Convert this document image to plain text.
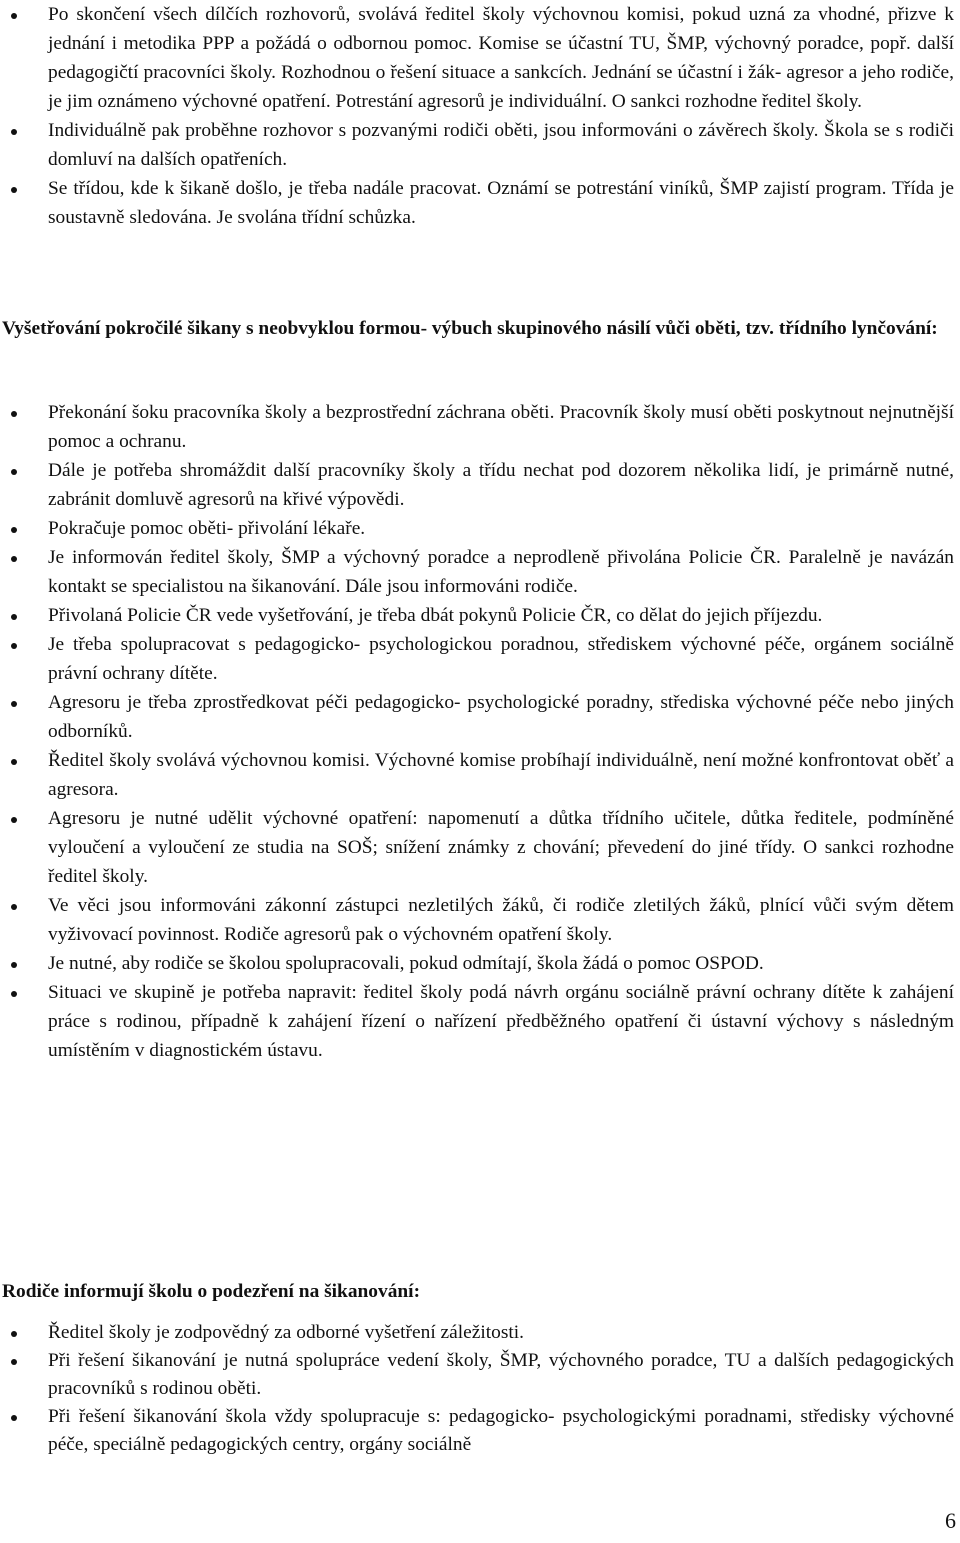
Po skončení všech dílčích rozhovorů, svolává ředitel školy výchovnou komisi, pokud uzná za vhodné, přizve k jednání i metodika PPP a požádá o odbornou pomoc. Komise se účastní TU, ŠMP, výchovný poradce, popř. další pedagogičtí pracovníci školy. Rozhodnou o řešení situace a sankcích. Jednání se účastní i žák- agresor a jeho rodiče, je jim oznámeno výchovné opatření. Potrestání agresorů je individuální. O sankci rozhodne ředitel školy.
Individuálně pak proběhne rozhovor s pozvanými rodiči oběti, jsou informováni o závěrech školy. Škola se s rodiči domluví na dalších opatřeních.
Se třídou, kde k šikaně došlo, je třeba nadále pracovat. Oznámí se potrestání viníků, ŠMP zajistí program. Třída je soustavně sledována. Je svolána třídní schůzka.
Vyšetřování pokročilé šikany s neobvyklou formou- výbuch skupinového násilí vůči oběti, tzv. třídního lynčování:
Překonání šoku pracovníka školy a bezprostřední záchrana oběti. Pracovník školy musí oběti poskytnout nejnutnější pomoc a ochranu.
Dále je potřeba shromáždit další pracovníky školy a třídu nechat pod dozorem několika lidí, je primárně nutné, zabránit domluvě agresorů na křivé výpovědi.
Pokračuje pomoc oběti- přivolání lékaře.
Je informován ředitel školy, ŠMP a výchovný poradce a neprodleně přivolána Policie ČR. Paralelně je navázán kontakt se specialistou na šikanování. Dále jsou informováni rodiče.
Přivolaná Policie ČR vede vyšetřování, je třeba dbát pokynů Policie ČR, co dělat do jejich příjezdu.
Je třeba spolupracovat s pedagogicko- psychologickou poradnou, střediskem výchovné péče, orgánem sociálně právní ochrany dítěte.
Agresoru je třeba zprostředkovat péči pedagogicko- psychologické poradny, střediska výchovné péče nebo jiných odborníků.
Ředitel školy svolává výchovnou komisi. Výchovné komise probíhají individuálně, není možné konfrontovat oběť a agresora.
Agresoru je nutné udělit výchovné opatření: napomenutí a důtka třídního učitele, důtka ředitele, podmíněné vyloučení a vyloučení ze studia na SOŠ; snížení známky z chování; převedení do jiné třídy. O sankci rozhodne ředitel školy.
Ve věci jsou informováni zákonní zástupci nezletilých žáků, či rodiče zletilých žáků, plnící vůči svým dětem vyživovací povinnost. Rodiče agresorů pak o výchovném opatření školy.
Je nutné, aby rodiče se školou spolupracovali, pokud odmítají, škola žádá o pomoc OSPOD.
Situaci ve skupině je potřeba napravit: ředitel školy podá návrh orgánu sociálně právní ochrany dítěte k zahájení práce s rodinou, případně k zahájení řízení o nařízení předběžného opatření či ústavní výchovy s následným umístěním v diagnostickém ústavu.
Rodiče informují školu o podezření na šikanování:
Ředitel školy je zodpovědný za odborné vyšetření záležitosti.
Při řešení šikanování je nutná spolupráce vedení školy, ŠMP, výchovného poradce, TU a dalších pedagogických pracovníků s rodinou oběti.
Při řešení šikanování škola vždy spolupracuje s: pedagogicko- psychologickými poradnami, středisky výchovné péče, speciálně pedagogických centry, orgány sociálně
6
